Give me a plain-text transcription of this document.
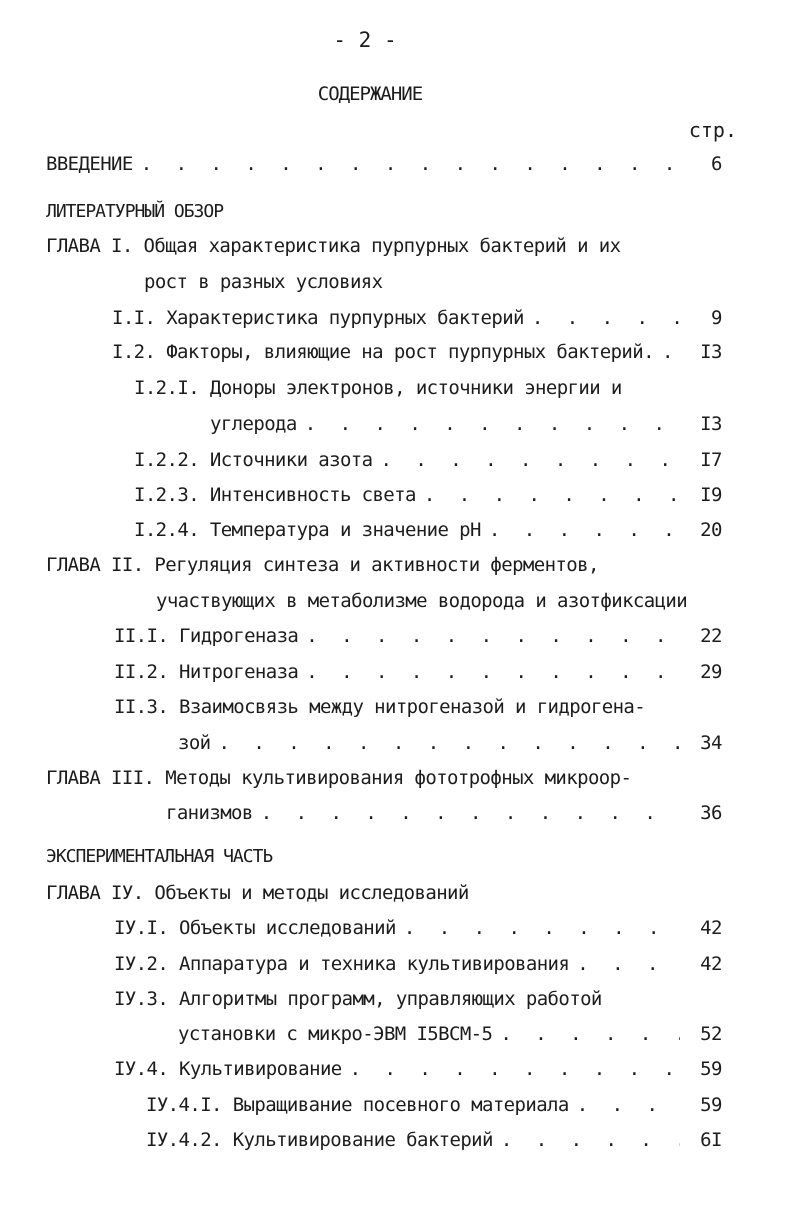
- 2 -
СОДЕРЖАНИЕ
стр.
ВВЕДЕНИЕ . . .	6
ЛИТЕРАТУРНЫЙ ОБЗОР
ГЛАВА I. Общая характеристика пурпурных бактерий и их
рост в разных условиях
I.I. Характеристика пурпурных бактерий . . .	9
I.2. Факторы, влияющие на рост пурпурных бактерий. . . .	I3
I.2.I. Доноры электронов, источники энергии и
углерода . . .	I3
I.2.2. Источники азота . . .	I7
I.2.3. Интенсивность света . . .	I9
I.2.4. Температура и значение рН . . .	20
ГЛАВА II. Регуляция синтеза и активности ферментов,
участвующих в метаболизме водорода и азотфиксации
II.I. Гидрогеназа . . .	22
II.2. Нитрогеназа . . .	29
II.3. Взаимосвязь между нитрогеназой и гидрогена-
зой . . .	34
ГЛАВА III. Методы культивирования фототрофных микроор-
ганизмов . . .	36
ЭКСПЕРИМЕНТАЛЬНАЯ ЧАСТЬ
ГЛАВА IУ. Объекты и методы исследований
IУ.I. Объекты исследований . . .	42
IУ.2. Аппаратура и техника культивирования . . .	42
IУ.3. Алгоритмы программ, управляющих работой
установки с микро-ЭВМ I5ВСМ-5 . . .	52
IУ.4. Культивирование . . .	59
IУ.4.I. Выращивание посевного материала . . .	59
IУ.4.2. Культивирование бактерий . . .	6I
